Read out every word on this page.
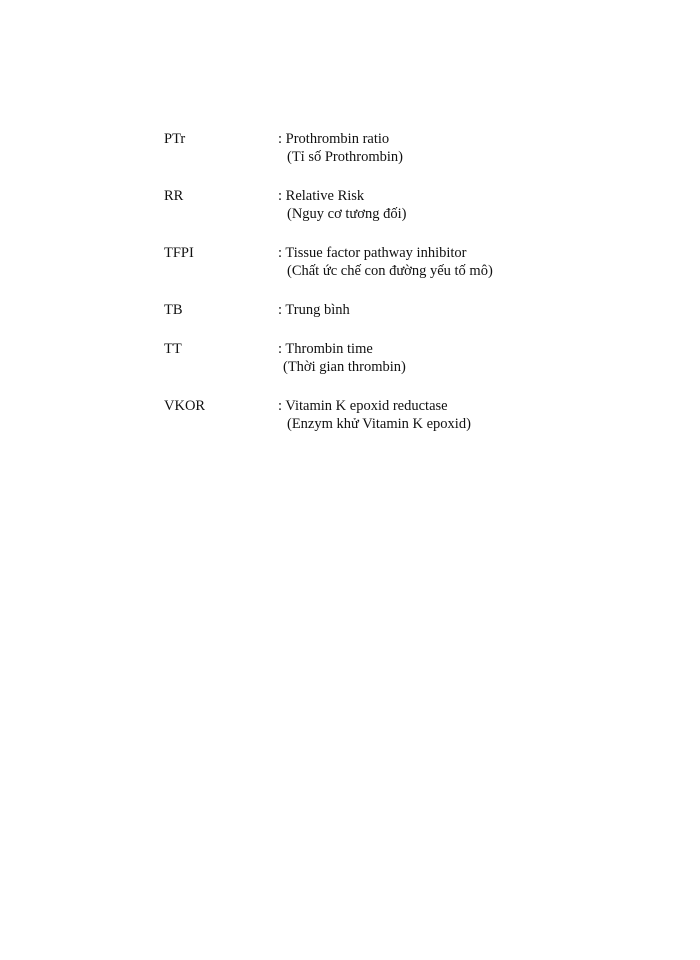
PTr	: Prothrombin ratio
(Tỉ số Prothrombin)
RR	: Relative Risk
(Nguy cơ tương đối)
TFPI	: Tissue factor pathway inhibitor
(Chất ức chế con đường yếu tố mô)
TB	: Trung bình
TT	: Thrombin time
(Thời gian thrombin)
VKOR	: Vitamin K epoxid reductase
(Enzym khử Vitamin K epoxid)
